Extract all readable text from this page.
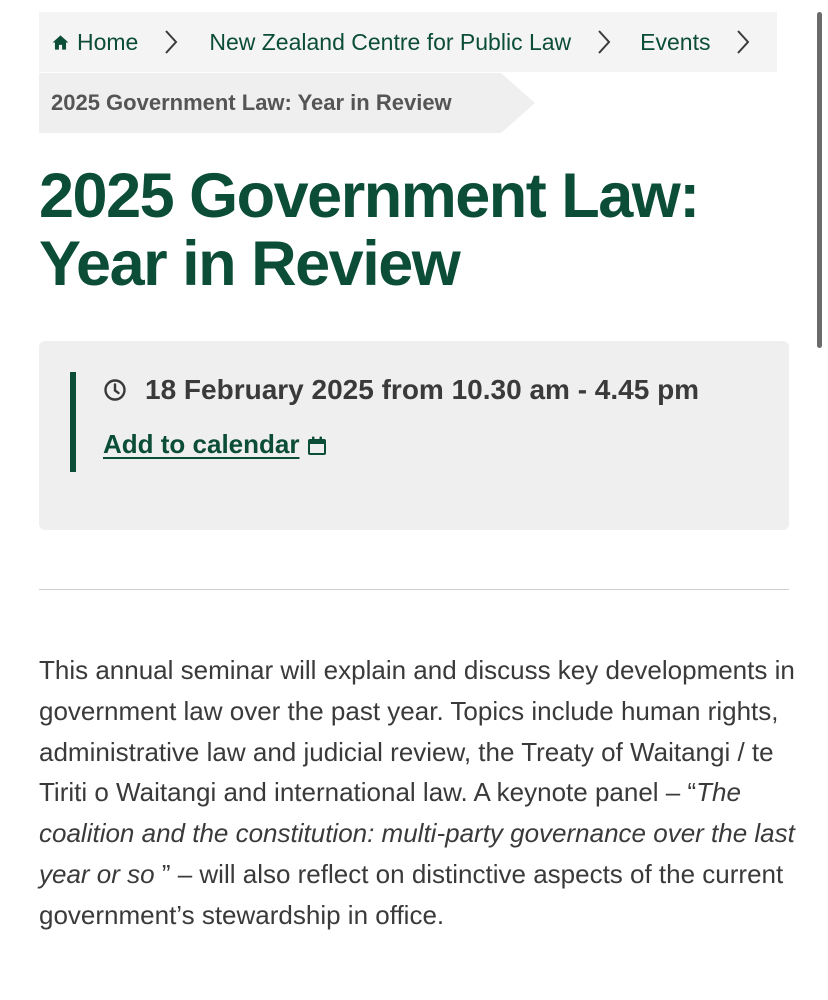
Home	New Zealand Centre for Public Law	Events
2025 Government Law: Year in Review
2025 Government Law:
Year in Review
18 February 2025 from 10.30 am - 4.45 pm
Add to calendar

This annual seminar will explain and discuss key developments in government law over the past year. Topics include human rights, administrative law and judicial review, the Treaty of Waitangi / te Tiriti o Waitangi and international law. A keynote panel – “The coalition and the constitution: multi-party governance over the last year or so ” – will also reflect on distinctive aspects of the current government’s stewardship in office.
